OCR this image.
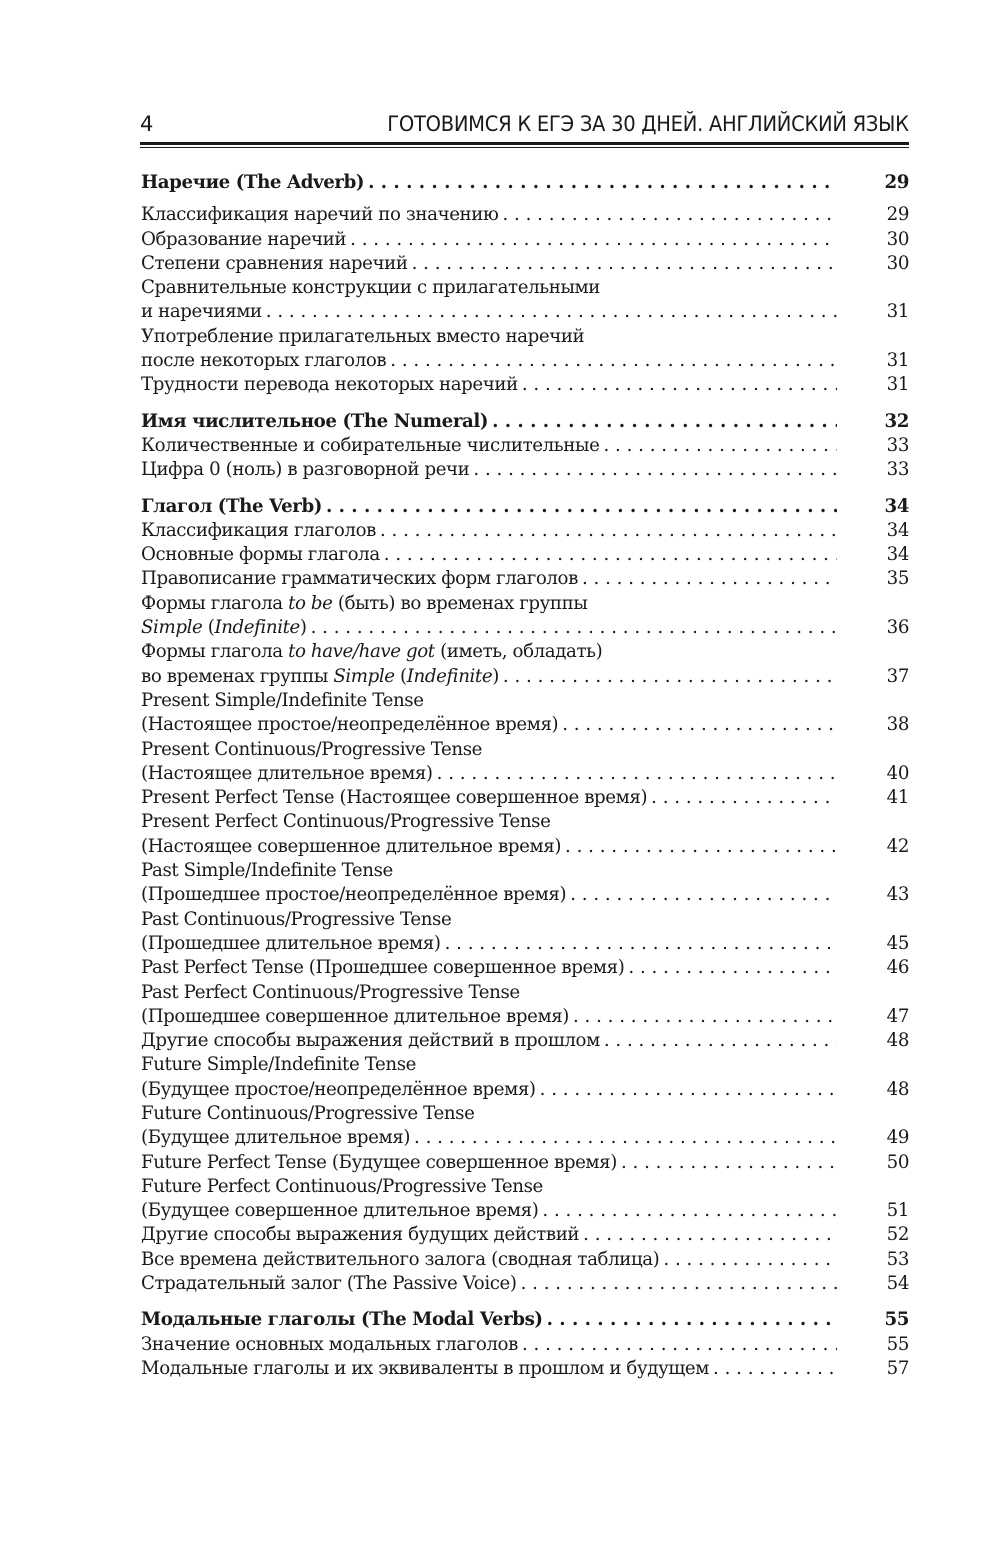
4	ГОТОВИМСЯ К ЕГЭ ЗА 30 ДНЕЙ. АНГЛИЙСКИЙ ЯЗЫК
Наречие (The Adverb) . . .	29
Классификация наречий по значению . . .	29
Образование наречий . . .	30
Степени сравнения наречий . . .	30
Сравнительные конструкции с прилагательными
и наречиями . . .	31
Употребление прилагательных вместо наречий
после некоторых глаголов . . .	31
Трудности перевода некоторых наречий . . .	31
Имя числительное (The Numeral) . . .	32
Количественные и собирательные числительные . . .	33
Цифра 0 (ноль) в разговорной речи . . .	33
Глагол (The Verb) . . .	34
Классификация глаголов . . .	34
Основные формы глагола . . .	34
Правописание грамматических форм глаголов . . .	35
Формы глагола to be (быть) во временах группы
Simple (Indefinite) . . .	36
Формы глагола to have/have got (иметь, обладать)
во временах группы Simple (Indefinite) . . .	37
Present Simple/Indefinite Tense
(Настоящее простое/неопределённое время) . . .	38
Present Continuous/Progressive Tense
(Настоящее длительное время) . . .	40
Present Perfect Tense (Настоящее совершенное время) . . .	41
Present Perfect Continuous/Progressive Tense
(Настоящее совершенное длительное время) . . .	42
Past Simple/Indefinite Tense
(Прошедшее простое/неопределённое время) . . .	43
Past Continuous/Progressive Tense
(Прошедшее длительное время) . . .	45
Past Perfect Tense (Прошедшее совершенное время) . . .	46
Past Perfect Continuous/Progressive Tense
(Прошедшее совершенное длительное время) . . .	47
Другие способы выражения действий в прошлом . . .	48
Future Simple/Indefinite Tense
(Будущее простое/неопределённое время) . . .	48
Future Continuous/Progressive Tense
(Будущее длительное время) . . .	49
Future Perfect Tense (Будущее совершенное время) . . .	50
Future Perfect Continuous/Progressive Tense
(Будущее совершенное длительное время) . . .	51
Другие способы выражения будущих действий . . .	52
Все времена действительного залога (сводная таблица) . . .	53
Страдательный залог (The Passive Voice) . . .	54
Модальные глаголы (The Modal Verbs) . . .	55
Значение основных модальных глаголов . . .	55
Модальные глаголы и их эквиваленты в прошлом и будущем . . .	57
